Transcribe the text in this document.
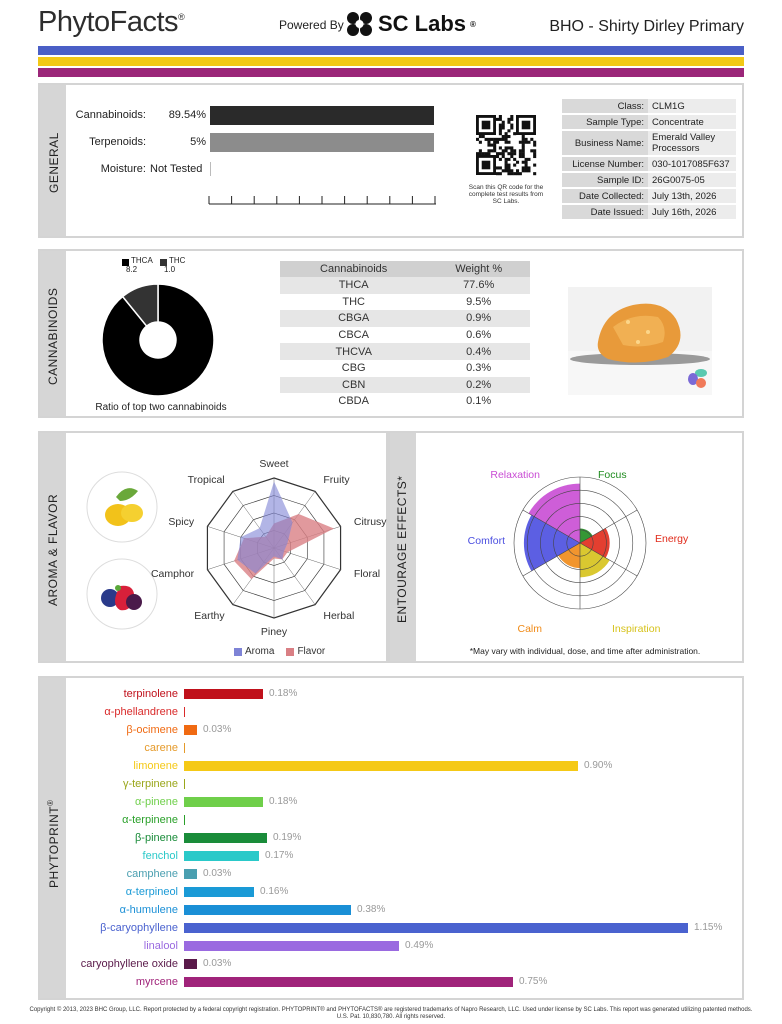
PhytoFacts®
Powered By SC Labs ®	BHO - Shirty Dirley Primary
GENERAL
Cannabinoids:	89.54%
Terpenoids:	5%
Moisture: Not Tested
Scan this QR code for the complete test results from SC Labs.
Class:	CLM1G
Sample Type:	Concentrate
Business Name:	Emerald Valley Processors
License Number:	030-1017085F637
Sample ID:	26G0075-05
Date Collected:	July 13th, 2026
Date Issued:	July 16th, 2026
CANNABINOIDS
THCA
8.2
THC
1.0
Ratio of top two cannabinoids
Cannabinoids	Weight %
THCA	77.6%
THC	9.5%
CBGA	0.9%
CBCA	0.6%
THCVA	0.4%
CBG	0.3%
CBN	0.2%
CBDA	0.1%
AROMA & FLAVOR
Sweet
Fruity
Citrusy
Floral
Herbal
Piney
Earthy
Camphor
Spicy
Tropical
Aroma Flavor
ENTOURAGE EFFECTS*
Focus
Energy
Inspiration
Calm
Comfort
Relaxation
*May vary with individual, dose, and time after administration.
PHYTOPRINT®
terpinolene	0.18%
α-phellandrene
β-ocimene	0.03%
carene
limonene	0.90%
γ-terpinene
α-pinene	0.18%
α-terpinene
β-pinene	0.19%
fenchol	0.17%
camphene	0.03%
α-terpineol	0.16%
α-humulene	0.38%
β-caryophyllene	1.15%
linalool	0.49%
caryophyllene oxide	0.03%
myrcene	0.75%
Copyright © 2013, 2023 BHC Group, LLC. Report protected by a federal copyright registration. PHYTOPRINT® and PHYTOFACTS® are registered trademarks of Napro Research, LLC. Used under license by SC Labs. This report was generated utilizing patented methods. U.S. Pat. 10,830,780. All rights reserved.
